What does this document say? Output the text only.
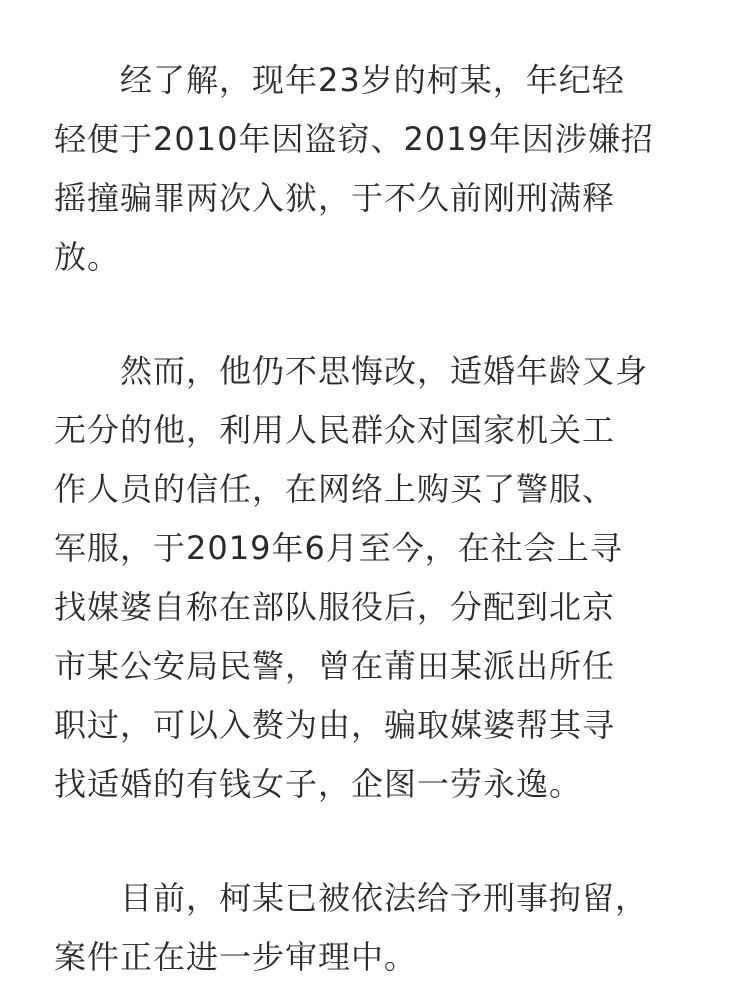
经了解，现年23岁的柯某，年纪轻
轻便于2010年因盗窃、2019年因涉嫌招
摇撞骗罪两次入狱，于不久前刚刑满释
放。

然而，他仍不思悔改，适婚年龄又身
无分的他，利用人民群众对国家机关工
作人员的信任，在网络上购买了警服、
军服，于2019年6月至今，在社会上寻
找媒婆自称在部队服役后，分配到北京
市某公安局民警，曾在莆田某派出所任
职过，可以入赘为由，骗取媒婆帮其寻
找适婚的有钱女子，企图一劳永逸。

目前，柯某已被依法给予刑事拘留，
案件正在进一步审理中。
